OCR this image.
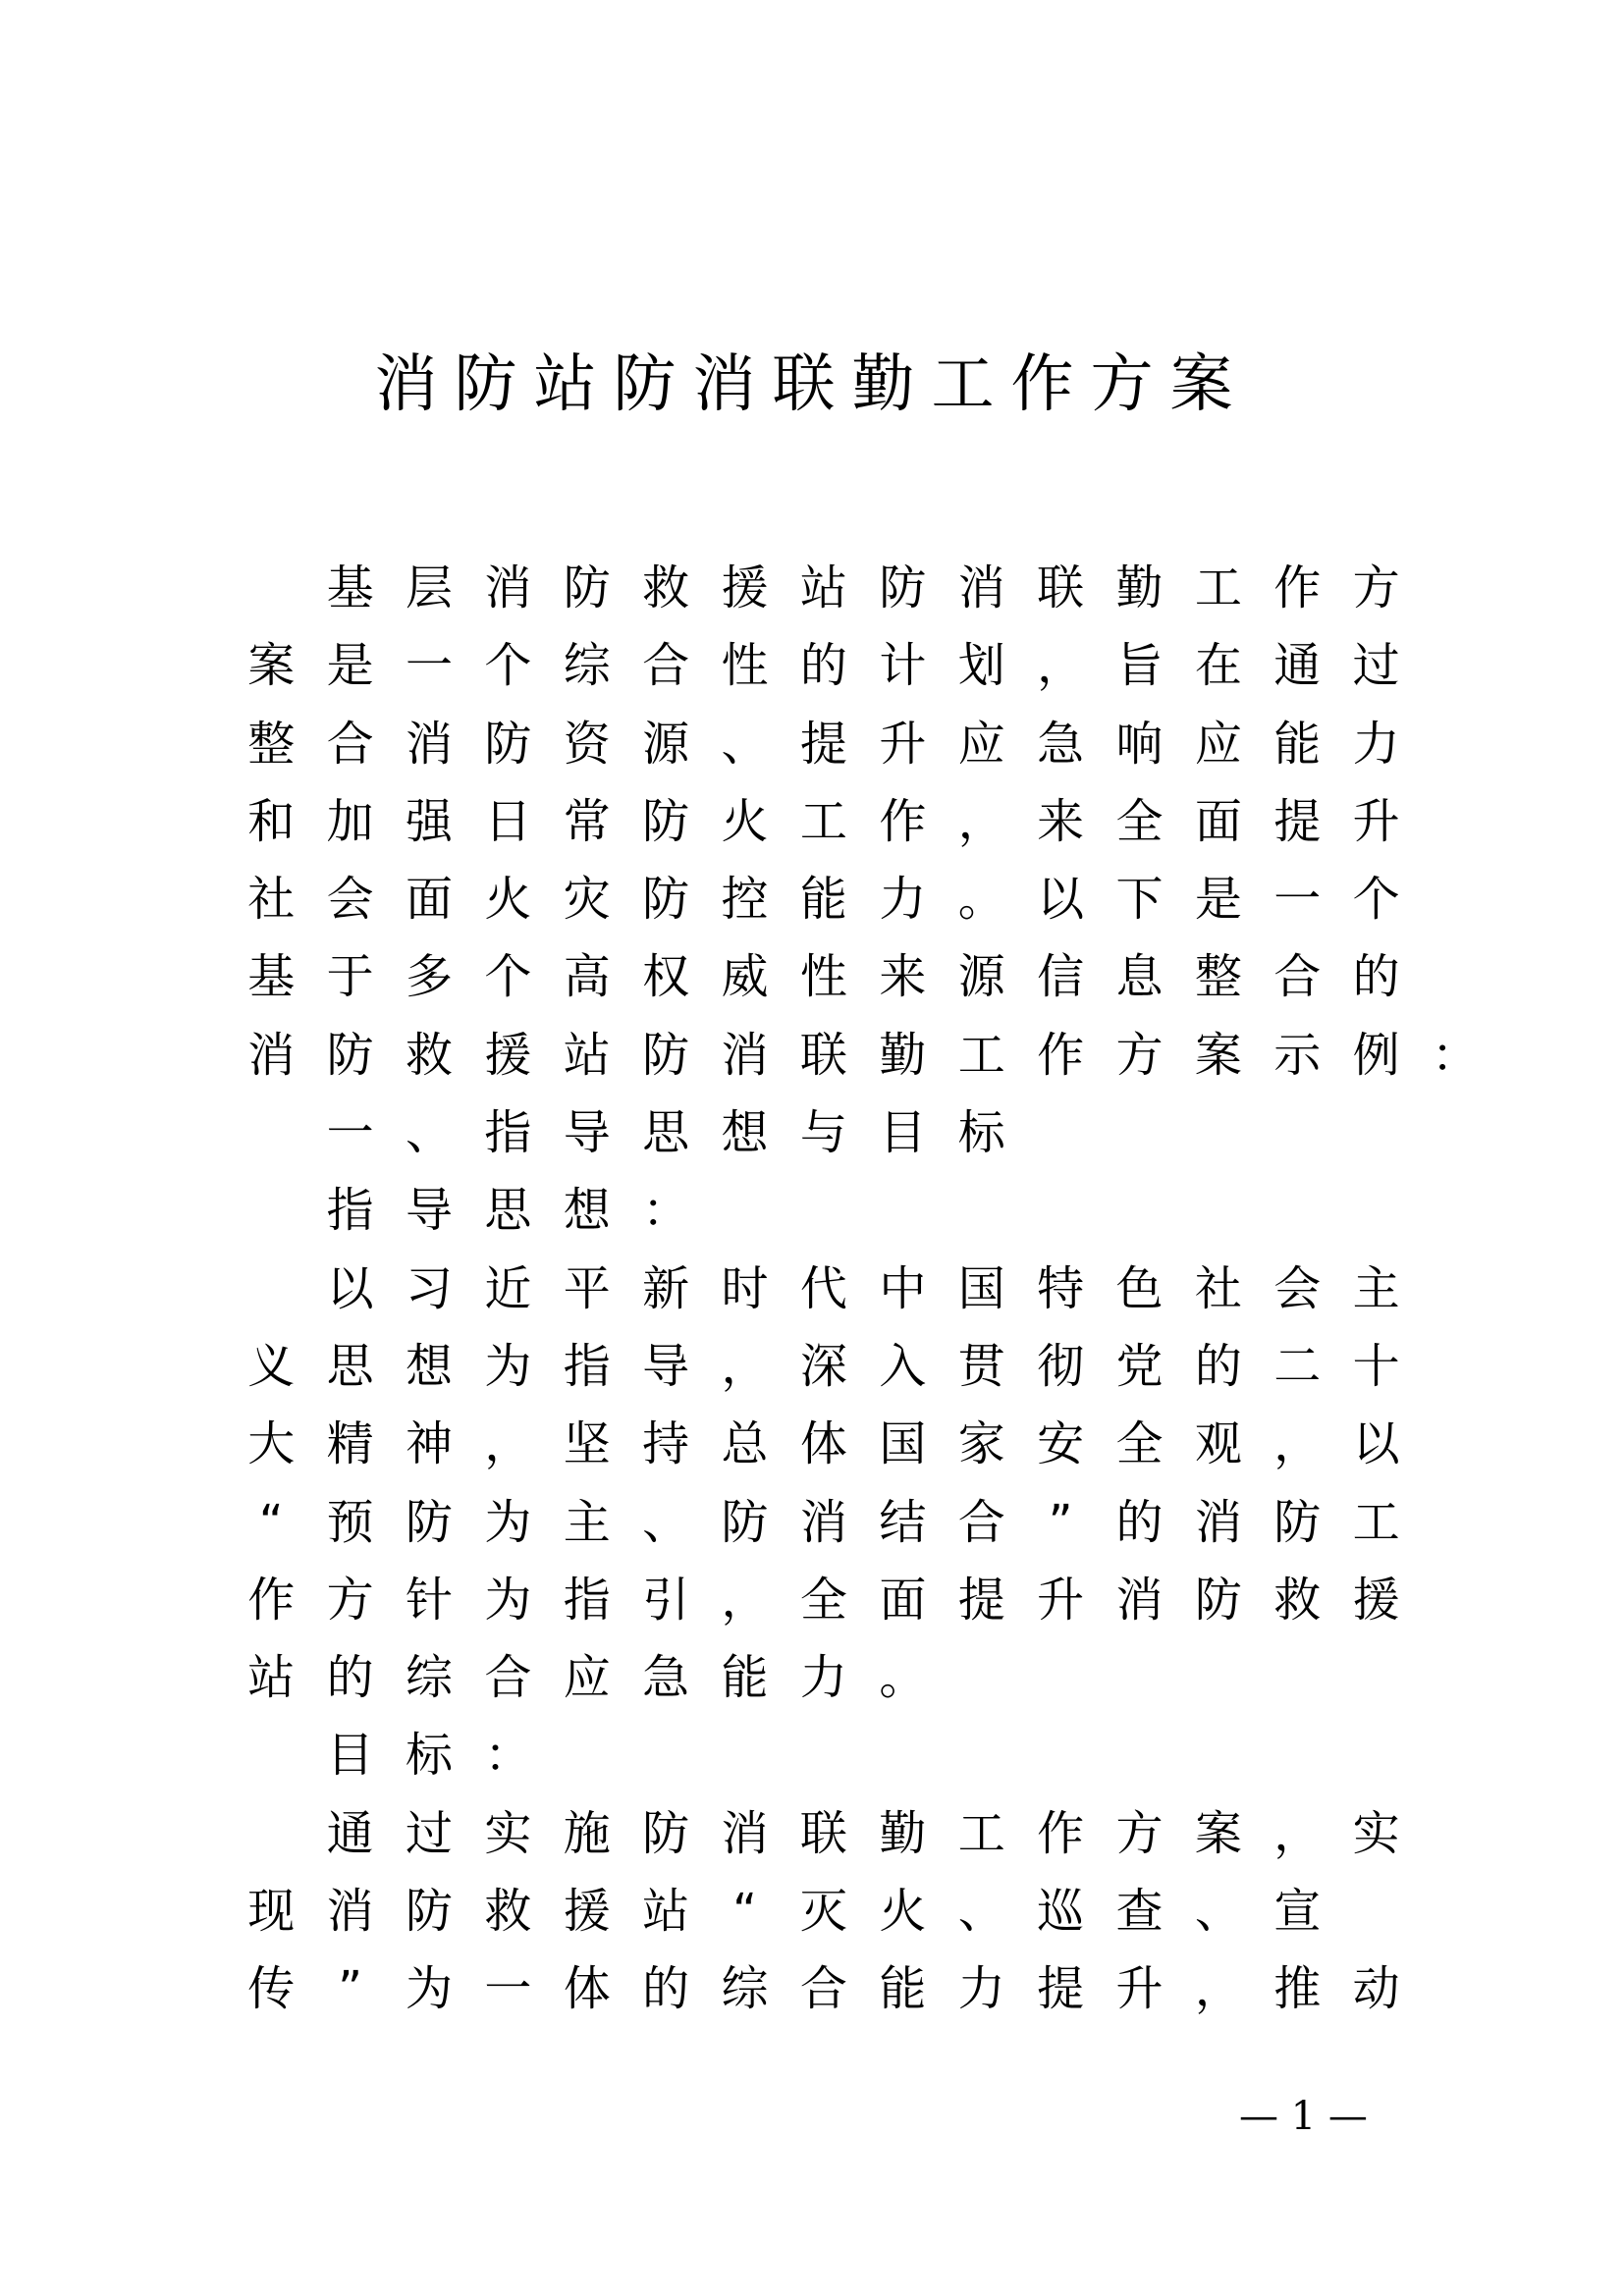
消防站防消联勤工作方案
基 层 消 防 救 援 站 防 消 联 勤 工 作 方
案 是 一 个 综 合 性 的 计 划 ， 旨 在 通 过
整 合 消 防 资 源 、 提 升 应 急 响 应 能 力
和 加 强 日 常 防 火 工 作 ， 来 全 面 提 升
社 会 面 火 灾 防 控 能 力 。 以 下 是 一 个
基 于 多 个 高 权 威 性 来 源 信 息 整 合 的
消 防 救 援 站 防 消 联 勤 工 作 方 案 示 例 ：
一 、 指 导 思 想 与 目 标
指 导 思 想 ：
以 习 近 平 新 时 代 中 国 特 色 社 会 主
义 思 想 为 指 导 ， 深 入 贯 彻 党 的 二 十
大 精 神 ， 坚 持 总 体 国 家 安 全 观 ， 以
“ 预 防 为 主 、 防 消 结 合 ” 的 消 防 工
作 方 针 为 指 引 ， 全 面 提 升 消 防 救 援
站 的 综 合 应 急 能 力 。
目 标 ：
通 过 实 施 防 消 联 勤 工 作 方 案 ， 实
现 消 防 救 援 站 “ 灭 火 、 巡 查 、 宣
传 ” 为 一 体 的 综 合 能 力 提 升 ， 推 动
— 1 —
